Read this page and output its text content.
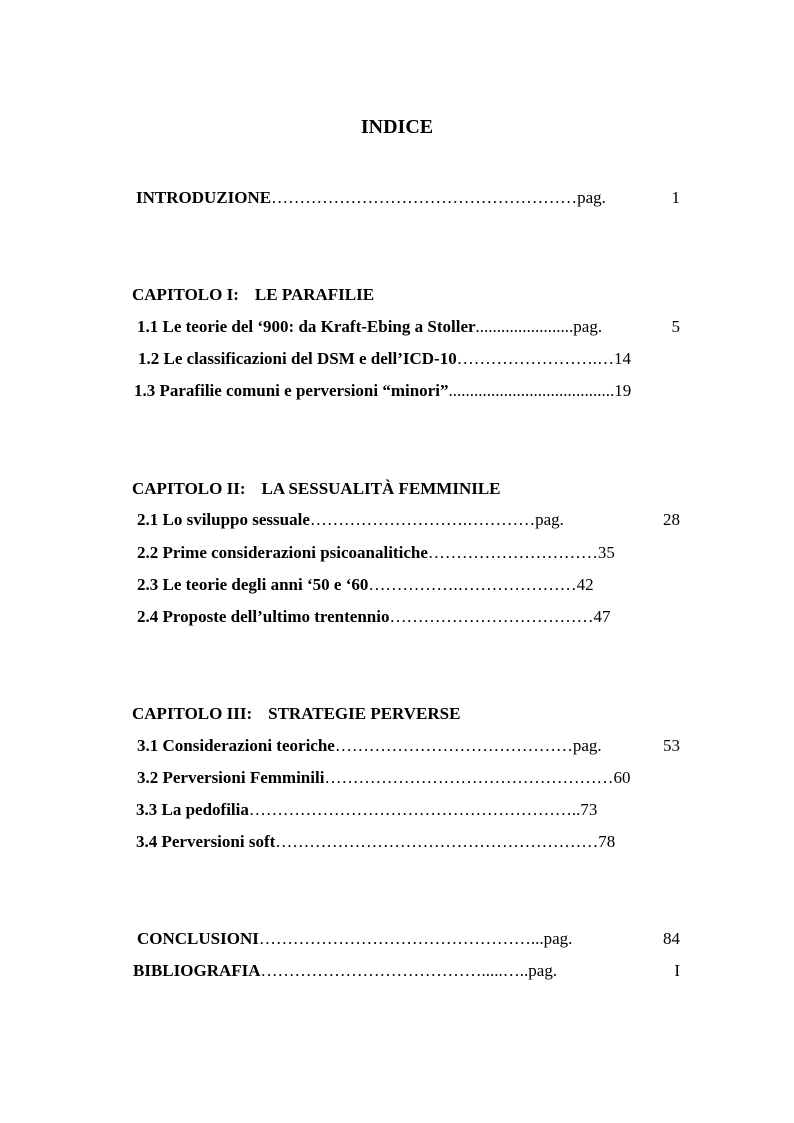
INDICE
INTRODUZIONE………………………………………………pag.	1
CAPITOLO I: LE PARAFILIE
1.1 Le teorie del ‘900: da Kraft-Ebing a Stoller.......................pag.	5
1.2 Le classificazioni del DSM e dell’ICD-10…………………….…14
1.3 Parafilie comuni e perversioni “minori”.......................................19
CAPITOLO II: LA SESSUALITÀ FEMMINILE
2.1 Lo sviluppo sessuale……………………….…………pag.	28
2.2 Prime considerazioni psicoanalitiche…………………………35
2.3 Le teorie degli anni ‘50 e ‘60…………….…………………42
2.4 Proposte dell’ultimo trentennio………………………………47
CAPITOLO III: STRATEGIE PERVERSE
3.1 Considerazioni teoriche……………………………………pag.	53
3.2 Perversioni Femminili……………………………………………60
3.3 La pedofilia…………………………………………………..73
3.4 Perversioni soft…………………………………………………78
CONCLUSIONI…………………………………………...pag.	84
BIBLIOGRAFIA………………………………….....…..pag.	I
